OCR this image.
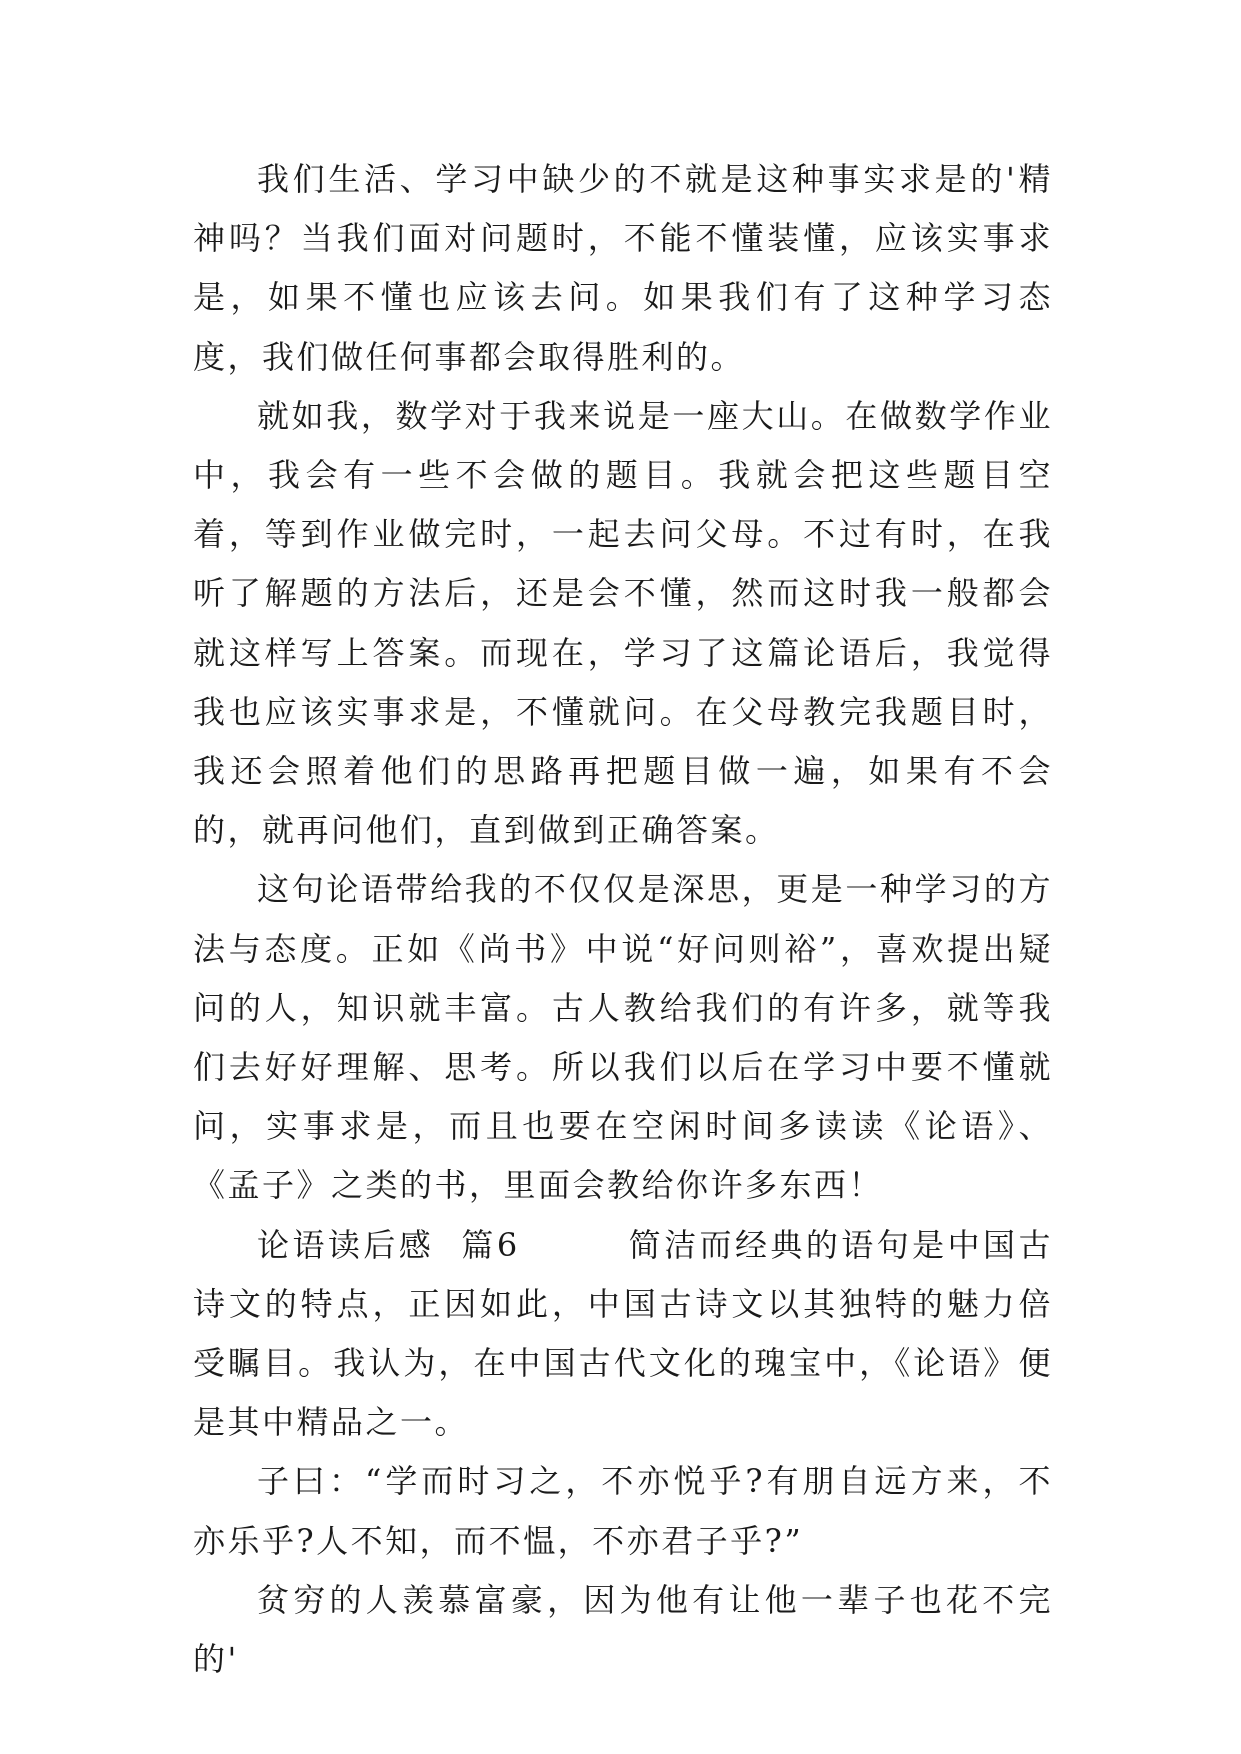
我们生活、学习中缺少的不就是这种事实求是的'精神吗？当我们面对问题时，不能不懂装懂，应该实事求是，如果不懂也应该去问。如果我们有了这种学习态度，我们做任何事都会取得胜利的。

就如我，数学对于我来说是一座大山。在做数学作业中，我会有一些不会做的题目。我就会把这些题目空着，等到作业做完时，一起去问父母。不过有时，在我听了解题的方法后，还是会不懂，然而这时我一般都会就这样写上答案。而现在，学习了这篇论语后，我觉得我也应该实事求是，不懂就问。在父母教完我题目时，我还会照着他们的思路再把题目做一遍，如果有不会的，就再问他们，直到做到正确答案。

这句论语带给我的不仅仅是深思，更是一种学习的方法与态度。正如《尚书》中说“好问则裕”，喜欢提出疑问的人，知识就丰富。古人教给我们的有许多，就等我们去好好理解、思考。所以我们以后在学习中要不懂就问，实事求是，而且也要在空闲时间多读读《论语》、《孟子》之类的书，里面会教给你许多东西！

论语读后感  篇6        简洁而经典的语句是中国古诗文的特点，正因如此，中国古诗文以其独特的魅力倍受瞩目。我认为，在中国古代文化的瑰宝中，《论语》便是其中精品之一。

子曰：“学而时习之，不亦悦乎?有朋自远方来，不亦乐乎?人不知，而不愠，不亦君子乎?”

贫穷的人羡慕富豪，因为他有让他一辈子也花不完的'
